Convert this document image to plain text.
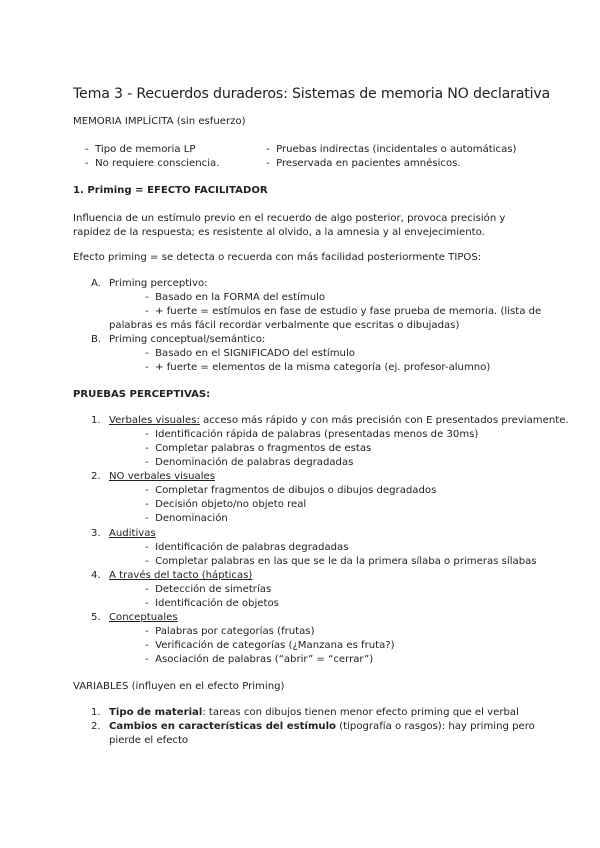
Tema 3 - Recuerdos duraderos: Sistemas de memoria NO declarativa
MEMORIA IMPLÍCITA (sin esfuerzo)
- Tipo de memoria LP
- No requiere consciencia.
- Pruebas indirectas (incidentales o automáticas)
- Preservada en pacientes amnésicos.
1. Priming = EFECTO FACILITADOR
Influencia de un estímulo previo en el recuerdo de algo posterior, provoca precisión y
rapidez de la respuesta; es resistente al olvido, a la amnesia y al envejecimiento.
Efecto priming = se detecta o recuerda con más facilidad posteriormente TIPOS:
A. Priming perceptivo:
- Basado en la FORMA del estímulo
- + fuerte = estímulos en fase de estudio y fase prueba de memoria. (lista de
palabras es más fácil recordar verbalmente que escritas o dibujadas)
B. Priming conceptual/semántico:
- Basado en el SIGNIFICADO del estímulo
- + fuerte = elementos de la misma categoría (ej. profesor-alumno)
PRUEBAS PERCEPTIVAS:
1. Verbales visuales: acceso más rápido y con más precisión con E presentados previamente.
- Identificación rápida de palabras (presentadas menos de 30ms)
- Completar palabras o fragmentos de estas
- Denominación de palabras degradadas
2. NO verbales visuales
- Completar fragmentos de dibujos o dibujos degradados
- Decisión objeto/no objeto real
- Denominación
3. Auditivas
- Identificación de palabras degradadas
- Completar palabras en las que se le da la primera sílaba o primeras sílabas
4. A través del tacto (hápticas)
- Detección de simetrías
- Identificación de objetos
5. Conceptuales
- Palabras por categorías (frutas)
- Verificación de categorías (¿Manzana es fruta?)
- Asociación de palabras (“abrir” = “cerrar”)
VARIABLES (influyen en el efecto Priming)
1. Tipo de material: tareas con dibujos tienen menor efecto priming que el verbal
2. Cambios en características del estímulo (tipografía o rasgos): hay priming pero
pierde el efecto
